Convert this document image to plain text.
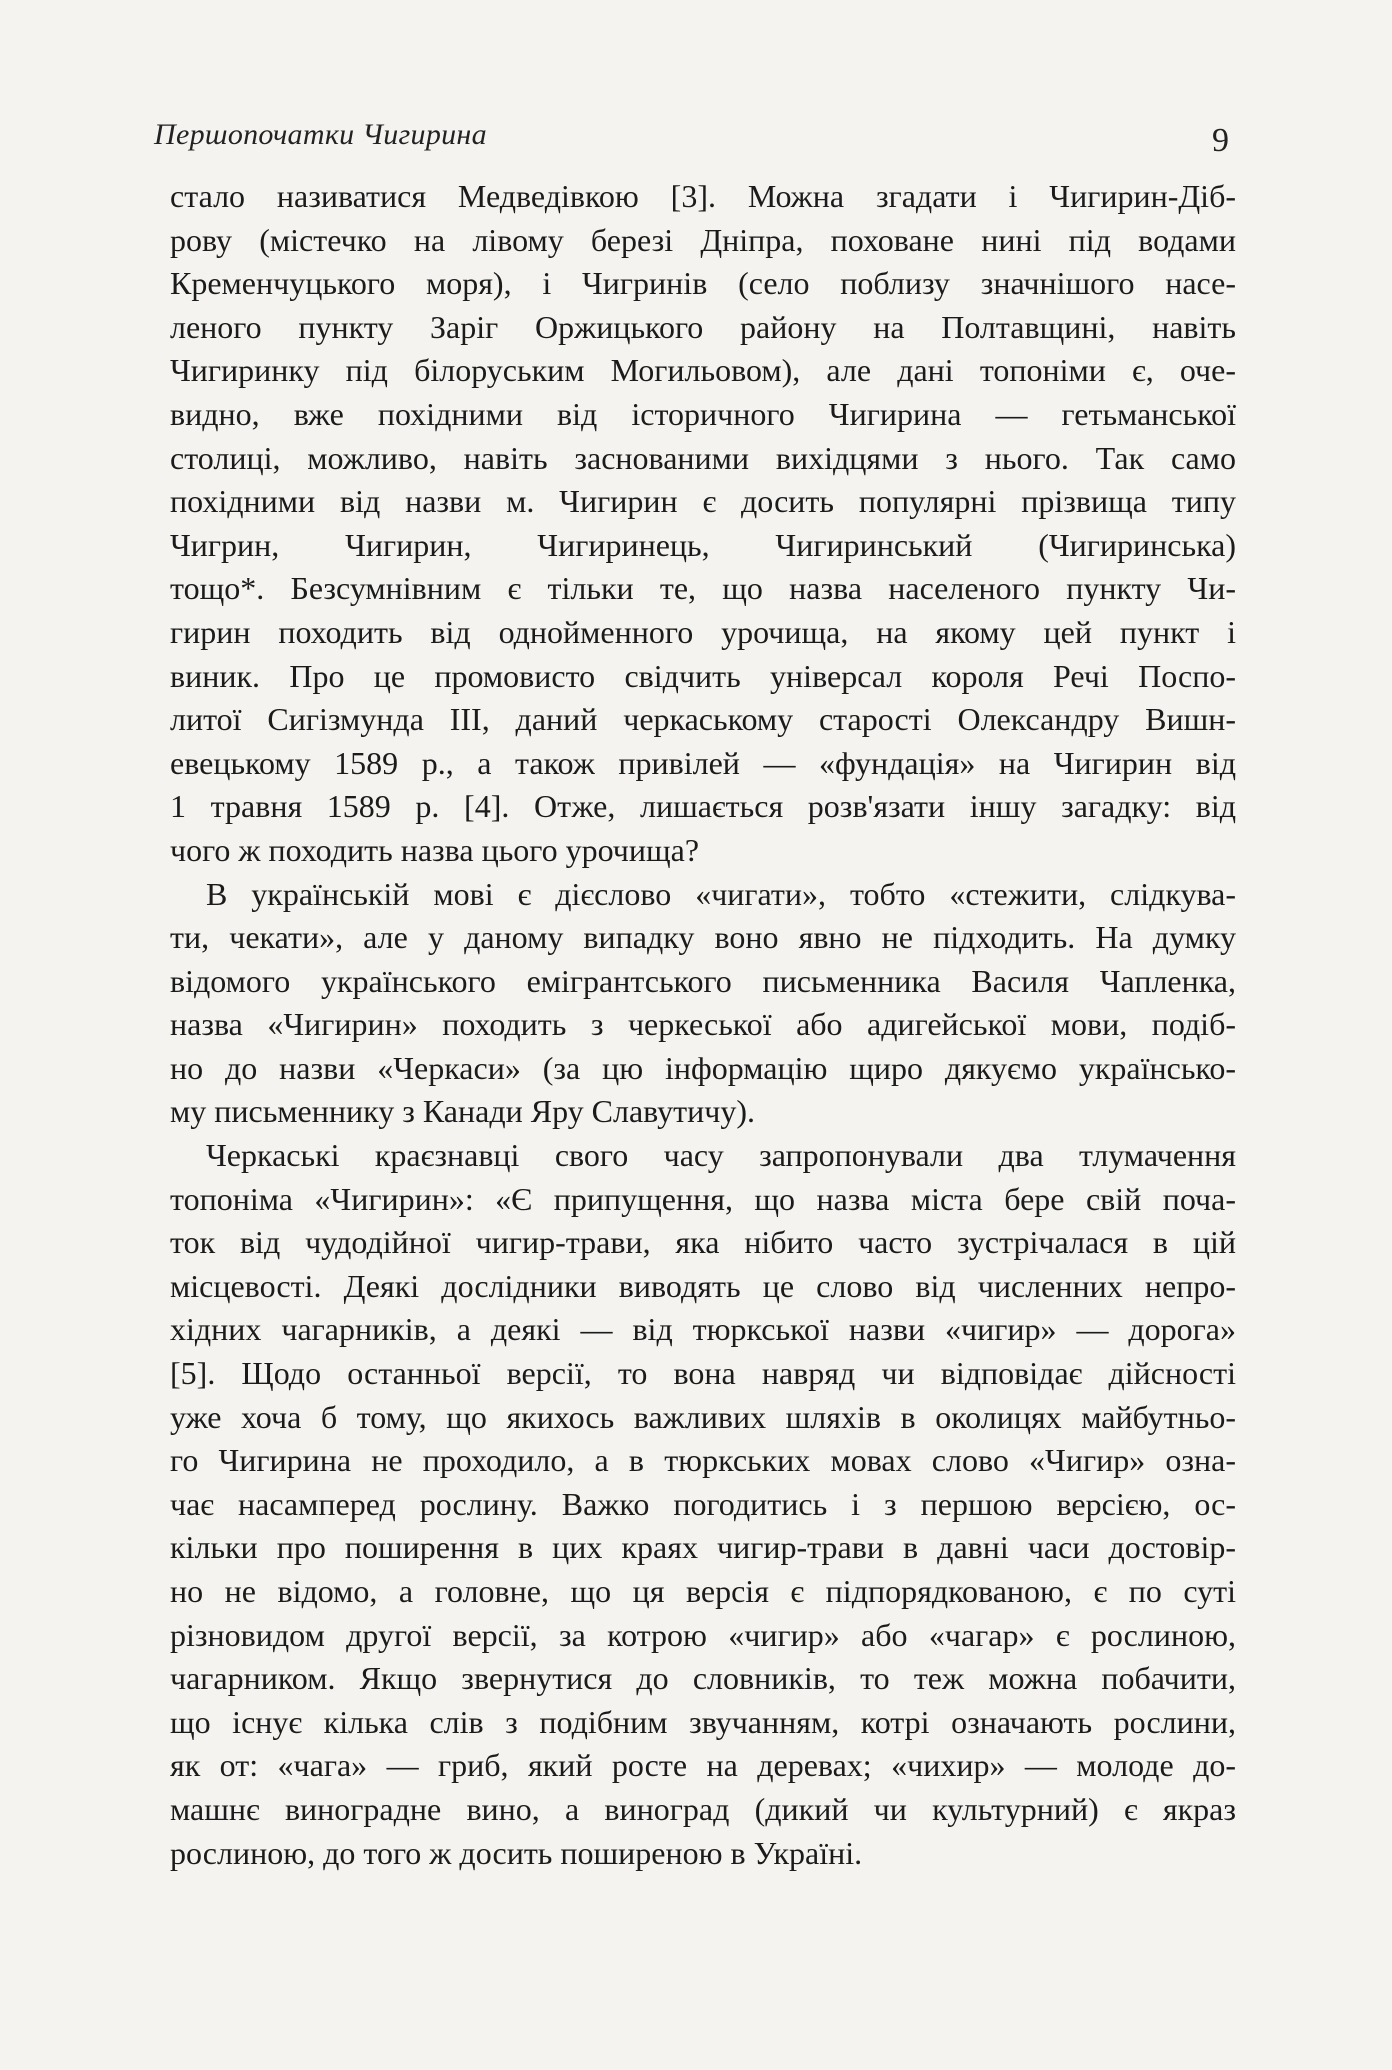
Першопочатки Чигирина	9
стало називатися Медведівкою [3]. Можна згадати і Чигирин-Діб-
рову (містечко на лівому березі Дніпра, поховане нині під водами
Кременчуцького моря), і Чигринів (село поблизу значнішого насе-
леного пункту Заріг Оржицького району на Полтавщині, навіть
Чигиринку під білоруським Могильовом), але дані топоніми є, оче-
видно, вже похідними від історичного Чигирина — гетьманської
столиці, можливо, навіть заснованими вихідцями з нього. Так само
похідними від назви м. Чигирин є досить популярні прізвища типу
Чигрин, Чигирин, Чигиринець, Чигиринський (Чигиринська)
тощо*. Безсумнівним є тільки те, що назва населеного пункту Чи-
гирин походить від однойменного урочища, на якому цей пункт і
виник. Про це промовисто свідчить універсал короля Речі Поспо-
литої Сигізмунда III, даний черкаському старості Олександру Вишн-
евецькому 1589 р., а також привілей — «фундація» на Чигирин від
1 травня 1589 р. [4]. Отже, лишається розв'язати іншу загадку: від
чого ж походить назва цього урочища?
В українській мові є дієслово «чигати», тобто «стежити, слідкува-
ти, чекати», але у даному випадку воно явно не підходить. На думку
відомого українського емігрантського письменника Василя Чапленка,
назва «Чигирин» походить з черкеської або адигейської мови, подіб-
но до назви «Черкаси» (за цю інформацію щиро дякуємо українсько-
му письменнику з Канади Яру Славутичу).
Черкаські краєзнавці свого часу запропонували два тлумачення
топоніма «Чигирин»: «Є припущення, що назва міста бере свій поча-
ток від чудодійної чигир-трави, яка нібито часто зустрічалася в цій
місцевості. Деякі дослідники виводять це слово від численних непро-
хідних чагарників, а деякі — від тюркської назви «чигир» — дорога»
[5]. Щодо останньої версії, то вона навряд чи відповідає дійсності
уже хоча б тому, що якихось важливих шляхів в околицях майбутньо-
го Чигирина не проходило, а в тюркських мовах слово «Чигир» озна-
чає насамперед рослину. Важко погодитись і з першою версією, ос-
кільки про поширення в цих краях чигир-трави в давні часи достовір-
но не відомо, а головне, що ця версія є підпорядкованою, є по суті
різновидом другої версії, за котрою «чигир» або «чагар» є рослиною,
чагарником. Якщо звернутися до словників, то теж можна побачити,
що існує кілька слів з подібним звучанням, котрі означають рослини,
як от: «чага» — гриб, який росте на деревах; «чихир» — молоде до-
машнє виноградне вино, а виноград (дикий чи культурний) є якраз
рослиною, до того ж досить поширеною в Україні.
